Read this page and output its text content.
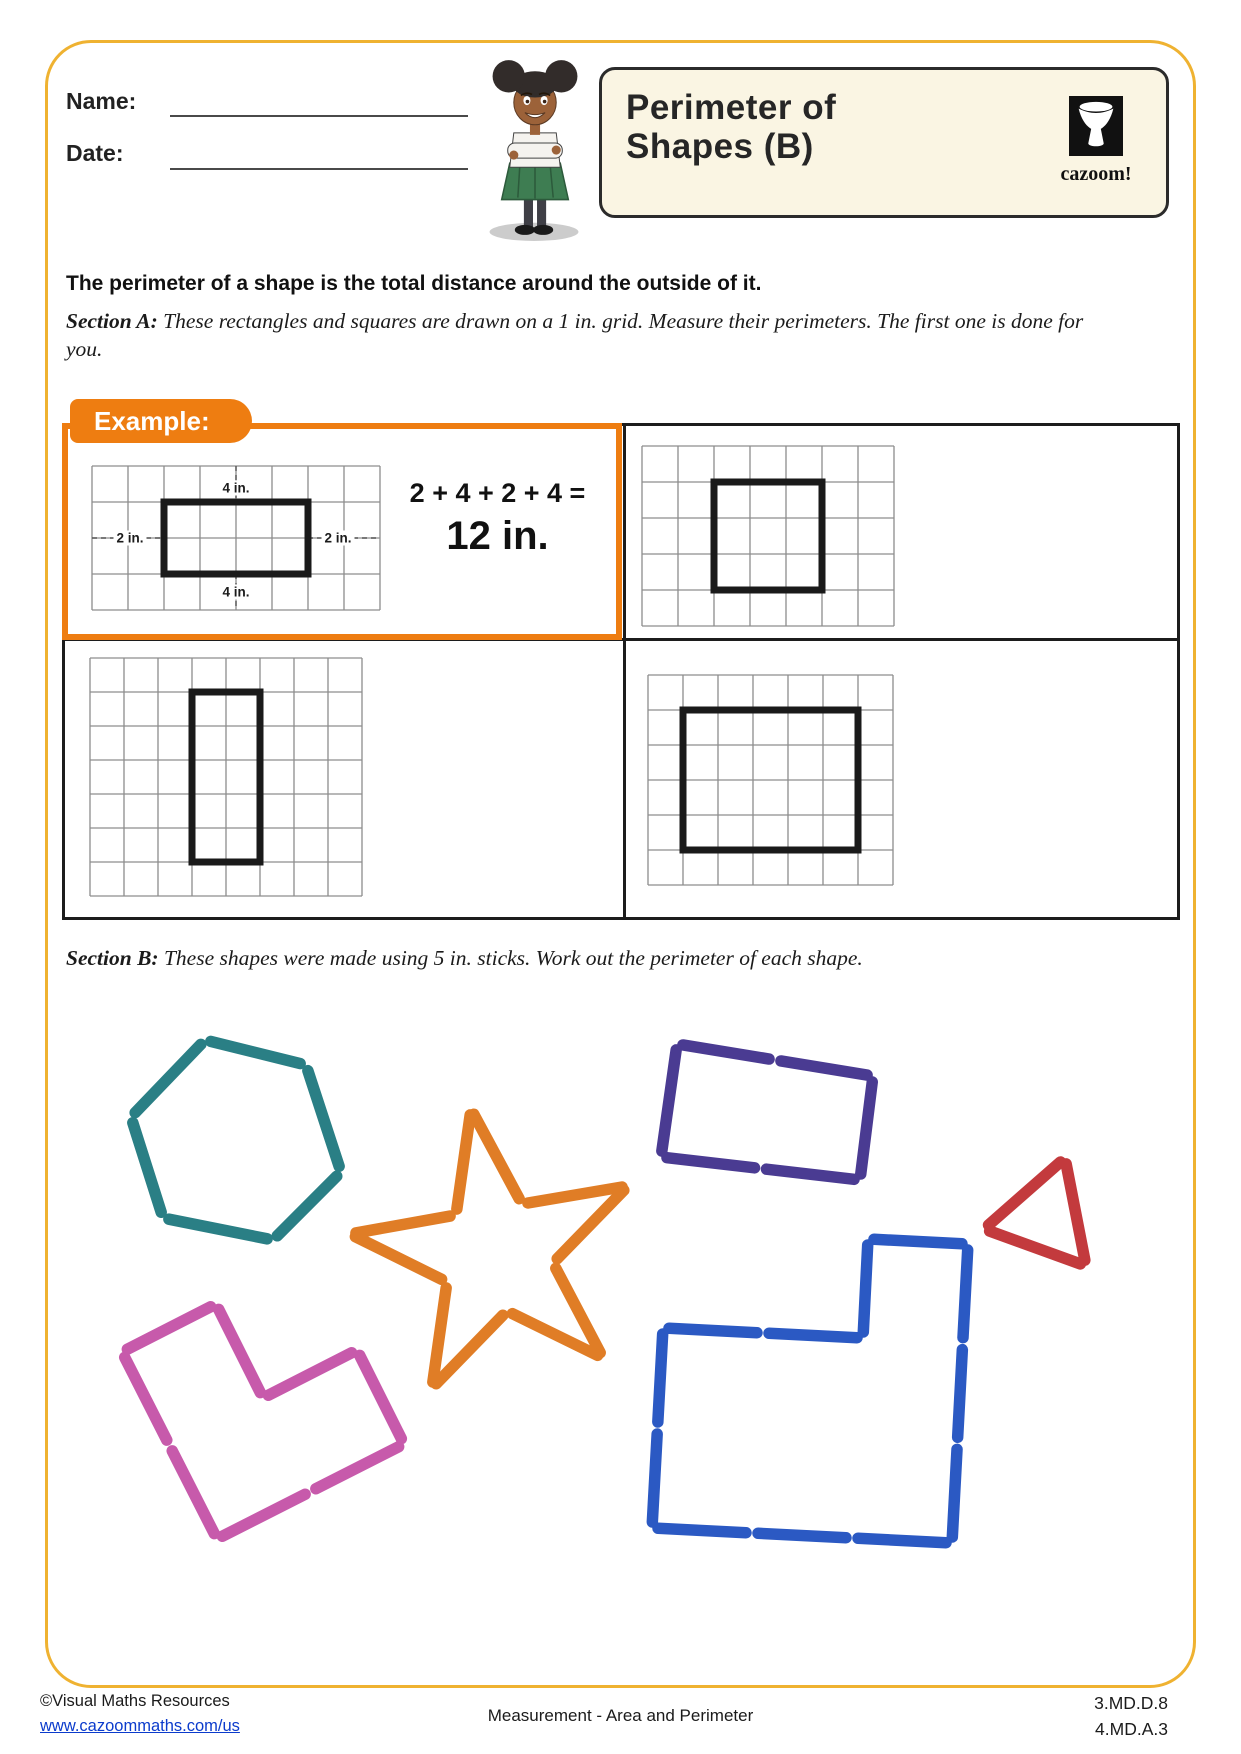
Name:
Date:
Perimeter of
Shapes (B)
cazoom!
The perimeter of a shape is the total distance around the outside of it.
Section A: These rectangles and squares are drawn on a 1 in. grid. Measure their perimeters. The first one is done for you.
Example:
4 in.
2 in.	2 in.
4 in.
2 + 4 + 2 + 4 =
12 in.
Section B: These shapes were made using 5 in. sticks. Work out the perimeter of each shape.
©Visual Maths Resources
www.cazoommaths.com/us
Measurement - Area and Perimeter
3.MD.D.8
4.MD.A.3
